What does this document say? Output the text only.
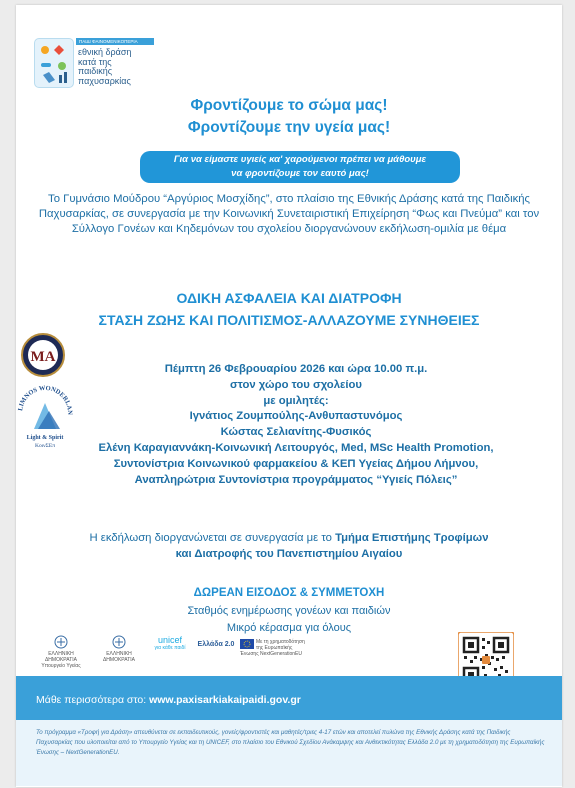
ΠΑΙΔΙ ΦΑΙΝΟΜΕΝΙΚΟΠΕΡΙΑ
εθνική δράση
κατά της
παιδικής
παχυσαρκίας
Φροντίζουμε το σώμα μας!
Φροντίζουμε την υγεία μας!
Για να είμαστε υγιείς κα' χαρούμενοι πρέπει να μάθουμε
να φροντίζουμε τον εαυτό μας!
Το Γυμνάσιο Μούδρου “Αργύριος Μοσχίδης”, στο πλαίσιο της Εθνικής Δράσης κατά της Παιδικής Παχυσαρκίας, σε συνεργασία με την Κοινωνική Συνεταιριστική Επιχείρηση “Φως και Πνεύμα” και τον Σύλλογο Γονέων και Κηδεμόνων του σχολείου διοργανώνουν εκδήλωση-ομιλία με θέμα
ΟΔΙΚΗ ΑΣΦΑΛΕΙΑ ΚΑΙ ΔΙΑΤΡΟΦΗ
ΣΤΑΣΗ ΖΩΗΣ ΚΑΙ ΠΟΛΙΤΙΣΜΟΣ-ΑΛΛΑΖΟΥΜΕ ΣΥΝΗΘΕΙΕΣ
ΜΑ
LIMNOS WONDERLAN
Light & Spirit
ΚοινΣΕπ
Πέμπτη 26 Φεβρουαρίου 2026 και ώρα 10.00 π.μ.
στον χώρο του σχολείου
με ομιλητές:
Ιγνάτιος Ζουμπούλης-Ανθυπαστυνόμος
Κώστας Σελιανίτης-Φυσικός
Ελένη Καραγιαννάκη-Κοινωνική Λειτουργός, Med, MSc Health Promotion,
Συντονίστρια Κοινωνικού φαρμακείου & ΚΕΠ Υγείας Δήμου Λήμνου,
Αναπληρώτρια Συντονίστρια προγράμματος “Υγιείς Πόλεις”
Η εκδήλωση διοργανώνεται σε συνεργασία με το Τμήμα Επιστήμης Τροφίμων
και Διατροφής του Πανεπιστημίου Αιγαίου
ΔΩΡΕΑΝ ΕΙΣΟΔΟΣ & ΣΥΜΜΕΤΟΧΗ
Σταθμός ενημέρωσης γονέων και παιδιών
Μικρό κέρασμα για όλους
ΕΛΛΗΝΙΚΗ ΔΗΜΟΚΡΑΤΙΑ Υπουργείο Υγείας
ΕΛΛΗΝΙΚΗ ΔΗΜΟΚΡΑΤΙΑ
unicef
για κάθε παιδί	Ελλάδα 2.0	Με τη χρηματοδότηση της Ευρωπαϊκής Ένωσης NextGenerationEU
Μάθε περισσότερα στο: www.paxisarkiakaipaidi.gov.gr
Το πρόγραμμα «Τροφή για Δράση» απευθύνεται σε εκπαιδευτικούς, γονείς/φροντιστές και μαθητές/τριες 4-17 ετών και αποτελεί πυλώνα της Εθνικής Δράσης κατά της Παιδικής Παχυσαρκίας που υλοποιείται από το Υπουργείο Υγείας και τη UNICEF, στο πλαίσιο του Εθνικού Σχεδίου Ανάκαμψης και Ανθεκτικότητας Ελλάδα 2.0 με τη χρηματοδότηση της Ευρωπαϊκής Ένωσης – NextGenerationEU.
